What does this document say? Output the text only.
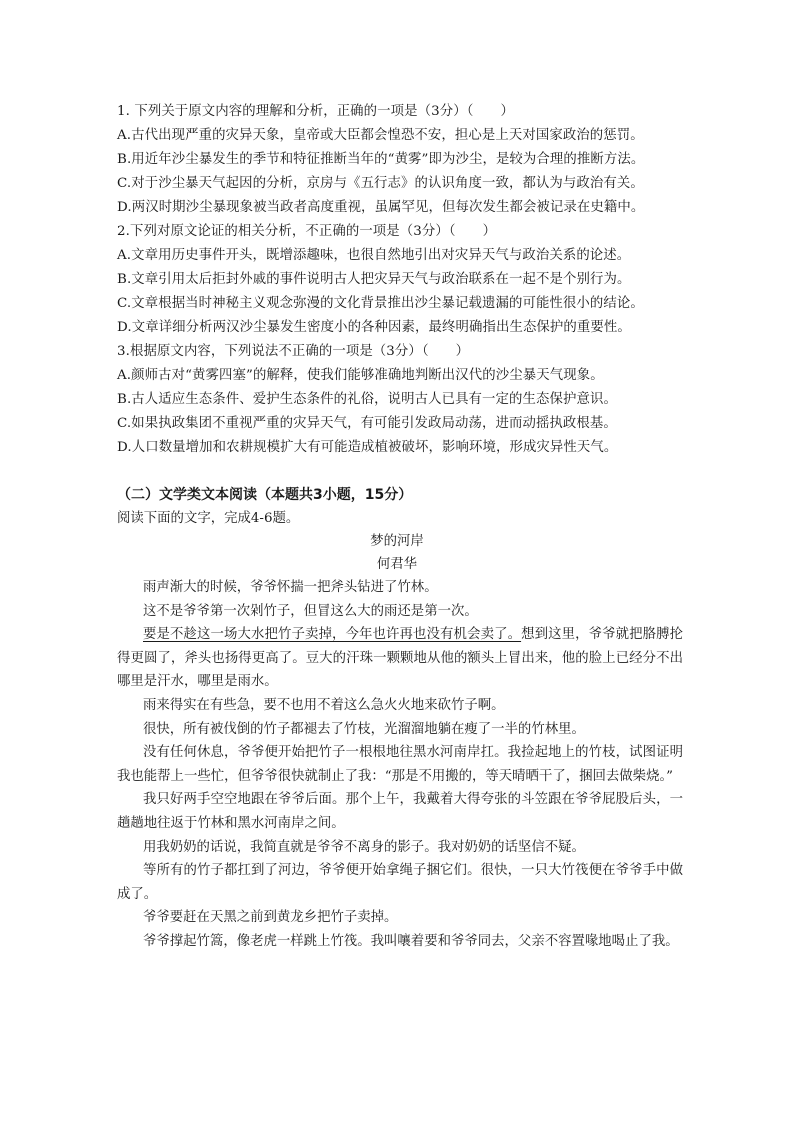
1. 下列关于原文内容的理解和分析，正确的一项是（3分）（　　）
A.古代出现严重的灾异天象，皇帝或大臣都会惶恐不安，担心是上天对国家政治的惩罚。
B.用近年沙尘暴发生的季节和特征推断当年的“黄雾”即为沙尘，是较为合理的推断方法。
C.对于沙尘暴天气起因的分析，京房与《五行志》的认识角度一致，都认为与政治有关。
D.两汉时期沙尘暴现象被当政者高度重视，虽属罕见，但每次发生都会被记录在史籍中。
2.下列对原文论证的相关分析，不正确的一项是（3分）（　　）
A.文章用历史事件开头，既增添趣味，也很自然地引出对灾异天气与政治关系的论述。
B.文章引用太后拒封外戚的事件说明古人把灾异天气与政治联系在一起不是个别行为。
C.文章根据当时神秘主义观念弥漫的文化背景推出沙尘暴记载遗漏的可能性很小的结论。
D.文章详细分析两汉沙尘暴发生密度小的各种因素，最终明确指出生态保护的重要性。
3.根据原文内容，下列说法不正确的一项是（3分）（　　）
A.颜师古对“黄雾四塞”的解释，使我们能够准确地判断出汉代的沙尘暴天气现象。
B.古人适应生态条件、爱护生态条件的礼俗，说明古人已具有一定的生态保护意识。
C.如果执政集团不重视严重的灾异天气，有可能引发政局动荡，进而动摇执政根基。
D.人口数量增加和农耕规模扩大有可能造成植被破坏，影响环境，形成灾异性天气。
（二）文学类文本阅读（本题共3小题，15分）
阅读下面的文字，完成4-6题。
梦的河岸
何君华
雨声渐大的时候，爷爷怀揣一把斧头钻进了竹林。
这不是爷爷第一次剁竹子，但冒这么大的雨还是第一次。
要是不趁这一场大水把竹子卖掉，今年也许再也没有机会卖了。想到这里，爷爷就把胳膊抡得更圆了，斧头也扬得更高了。豆大的汗珠一颗颗地从他的额头上冒出来，他的脸上已经分不出哪里是汗水，哪里是雨水。
雨来得实在有些急，要不也用不着这么急火火地来砍竹子啊。
很快，所有被伐倒的竹子都褪去了竹枝，光溜溜地躺在瘦了一半的竹林里。
没有任何休息，爷爷便开始把竹子一根根地往黑水河南岸扛。我捡起地上的竹枝，试图证明我也能帮上一些忙，但爷爷很快就制止了我：“那是不用搬的，等天晴晒干了，捆回去做柴烧。”
我只好两手空空地跟在爷爷后面。那个上午，我戴着大得夸张的斗笠跟在爷爷屁股后头，一趟趟地往返于竹林和黑水河南岸之间。
用我奶奶的话说，我简直就是爷爷不离身的影子。我对奶奶的话坚信不疑。
等所有的竹子都扛到了河边，爷爷便开始拿绳子捆它们。很快，一只大竹筏便在爷爷手中做成了。
爷爷要赶在天黑之前到黄龙乡把竹子卖掉。
爷爷撑起竹篙，像老虎一样跳上竹筏。我叫嚷着要和爷爷同去，父亲不容置喙地喝止了我。
